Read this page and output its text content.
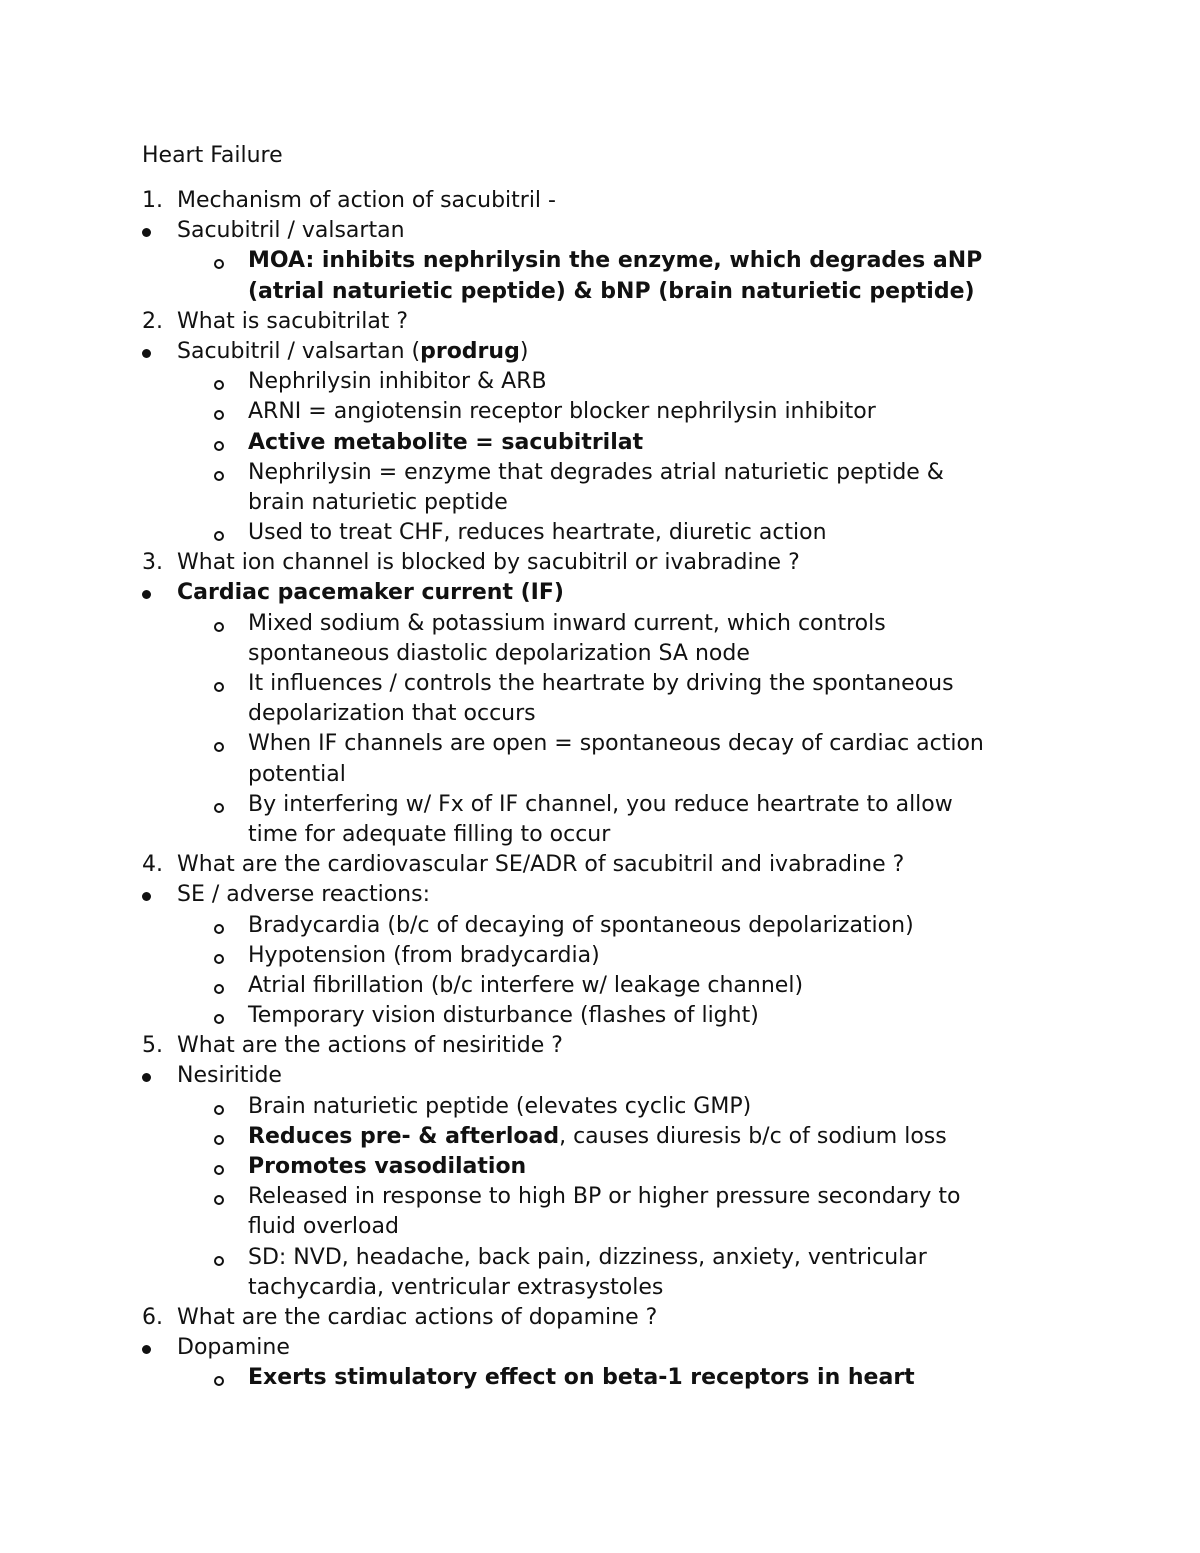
Heart Failure
1. Mechanism of action of sacubitril -
Sacubitril / valsartan
MOA: inhibits nephrilysin the enzyme, which degrades aNP
(atrial naturietic peptide) & bNP (brain naturietic peptide)
2. What is sacubitrilat ?
Sacubitril / valsartan (prodrug)
Nephrilysin inhibitor & ARB
ARNI = angiotensin receptor blocker nephrilysin inhibitor
Active metabolite = sacubitrilat
Nephrilysin = enzyme that degrades atrial naturietic peptide &
brain naturietic peptide
Used to treat CHF, reduces heartrate, diuretic action
3. What ion channel is blocked by sacubitril or ivabradine ?
Cardiac pacemaker current (IF)
Mixed sodium & potassium inward current, which controls
spontaneous diastolic depolarization SA node
It influences / controls the heartrate by driving the spontaneous
depolarization that occurs
When IF channels are open = spontaneous decay of cardiac action
potential
By interfering w/ Fx of IF channel, you reduce heartrate to allow
time for adequate filling to occur
4. What are the cardiovascular SE/ADR of sacubitril and ivabradine ?
SE / adverse reactions:
Bradycardia (b/c of decaying of spontaneous depolarization)
Hypotension (from bradycardia)
Atrial fibrillation (b/c interfere w/ leakage channel)
Temporary vision disturbance (flashes of light)
5. What are the actions of nesiritide ?
Nesiritide
Brain naturietic peptide (elevates cyclic GMP)
Reduces pre- & afterload, causes diuresis b/c of sodium loss
Promotes vasodilation
Released in response to high BP or higher pressure secondary to
fluid overload
SD: NVD, headache, back pain, dizziness, anxiety, ventricular
tachycardia, ventricular extrasystoles
6. What are the cardiac actions of dopamine ?
Dopamine
Exerts stimulatory effect on beta-1 receptors in heart
